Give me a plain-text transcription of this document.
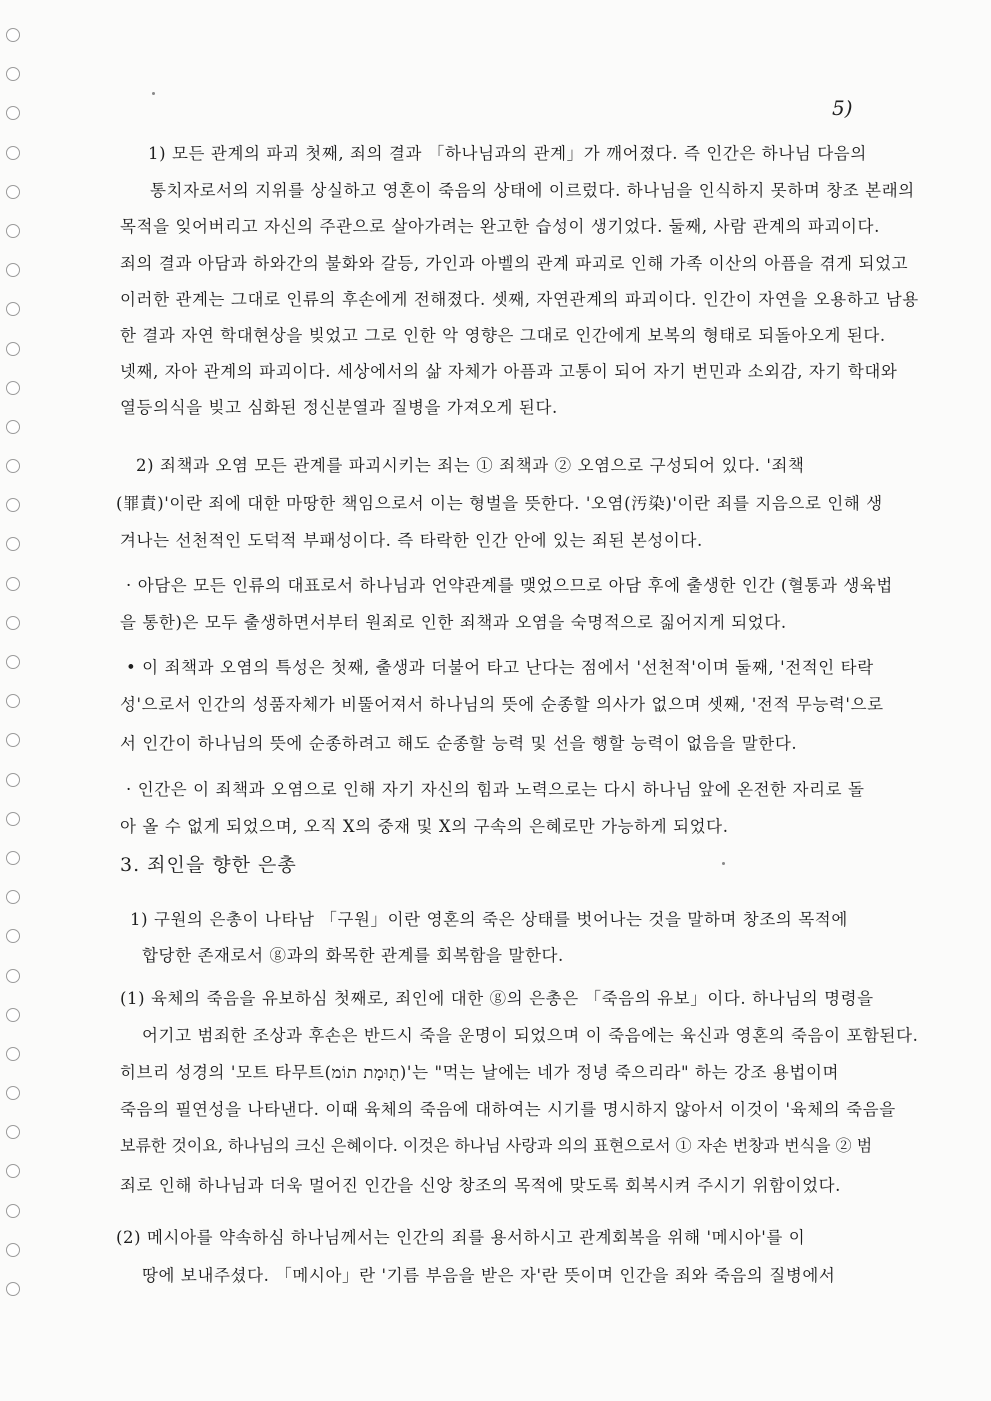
5)
1) 모든 관계의 파괴 첫째, 죄의 결과 「하나님과의 관계」가 깨어졌다. 즉 인간은 하나님 다음의
통치자로서의 지위를 상실하고 영혼이 죽음의 상태에 이르렀다. 하나님을 인식하지 못하며 창조 본래의
목적을 잊어버리고 자신의 주관으로 살아가려는 완고한 습성이 생기었다. 둘째, 사람 관계의 파괴이다.
죄의 결과 아담과 하와간의 불화와 갈등, 가인과 아벨의 관계 파괴로 인해 가족 이산의 아픔을 겪게 되었고
이러한 관계는 그대로 인류의 후손에게 전해졌다. 셋째, 자연관계의 파괴이다. 인간이 자연을 오용하고 남용
한 결과 자연 학대현상을 빚었고 그로 인한 악 영향은 그대로 인간에게 보복의 형태로 되돌아오게 된다.
넷째, 자아 관계의 파괴이다. 세상에서의 삶 자체가 아픔과 고통이 되어 자기 번민과 소외감, 자기 학대와
열등의식을 빚고 심화된 정신분열과 질병을 가져오게 된다.
2) 죄책과 오염 모든 관계를 파괴시키는 죄는 ① 죄책과 ② 오염으로 구성되어 있다. '죄책
(罪責)'이란 죄에 대한 마땅한 책임으로서 이는 형벌을 뜻한다. '오염(汚染)'이란 죄를 지음으로 인해 생
겨나는 선천적인 도덕적 부패성이다. 즉 타락한 인간 안에 있는 죄된 본성이다.
· 아담은 모든 인류의 대표로서 하나님과 언약관계를 맺었으므로 아담 후에 출생한 인간 (혈통과 생육법
을 통한)은 모두 출생하면서부터 원죄로 인한 죄책과 오염을 숙명적으로 짊어지게 되었다.
• 이 죄책과 오염의 특성은 첫째, 출생과 더불어 타고 난다는 점에서 '선천적'이며 둘째, '전적인 타락
성'으로서 인간의 성품자체가 비뚤어져서 하나님의 뜻에 순종할 의사가 없으며 셋째, '전적 무능력'으로
서 인간이 하나님의 뜻에 순종하려고 해도 순종할 능력 및 선을 행할 능력이 없음을 말한다.
· 인간은 이 죄책과 오염으로 인해 자기 자신의 힘과 노력으로는 다시 하나님 앞에 온전한 자리로 돌
아 올 수 없게 되었으며, 오직 X의 중재 및 X의 구속의 은혜로만 가능하게 되었다.
3. 죄인을 향한 은총
1) 구원의 은총이 나타남 「구원」이란 영혼의 죽은 상태를 벗어나는 것을 말하며 창조의 목적에
합당한 존재로서 ⓖ과의 화목한 관계를 회복함을 말한다.
(1) 육체의 죽음을 유보하심 첫째로, 죄인에 대한 ⓖ의 은총은 「죽음의 유보」이다. 하나님의 명령을
어기고 범죄한 조상과 후손은 반드시 죽을 운명이 되었으며 이 죽음에는 육신과 영혼의 죽음이 포함된다.
히브리 성경의 '모트 타무트(ת֖וּמָת תוֹמ)'는 "먹는 날에는 네가 정녕 죽으리라" 하는 강조 용법이며
죽음의 필연성을 나타낸다. 이때 육체의 죽음에 대하여는 시기를 명시하지 않아서 이것이 '육체의 죽음을
보류한 것이요, 하나님의 크신 은혜이다. 이것은 하나님 사랑과 의의 표현으로서 ① 자손 번창과 번식을 ② 범
죄로 인해 하나님과 더욱 멀어진 인간을 신앙 창조의 목적에 맞도록 회복시켜 주시기 위함이었다.
(2) 메시아를 약속하심 하나님께서는 인간의 죄를 용서하시고 관계회복을 위해 '메시아'를 이
땅에 보내주셨다. 「메시아」란 '기름 부음을 받은 자'란 뜻이며 인간을 죄와 죽음의 질병에서
